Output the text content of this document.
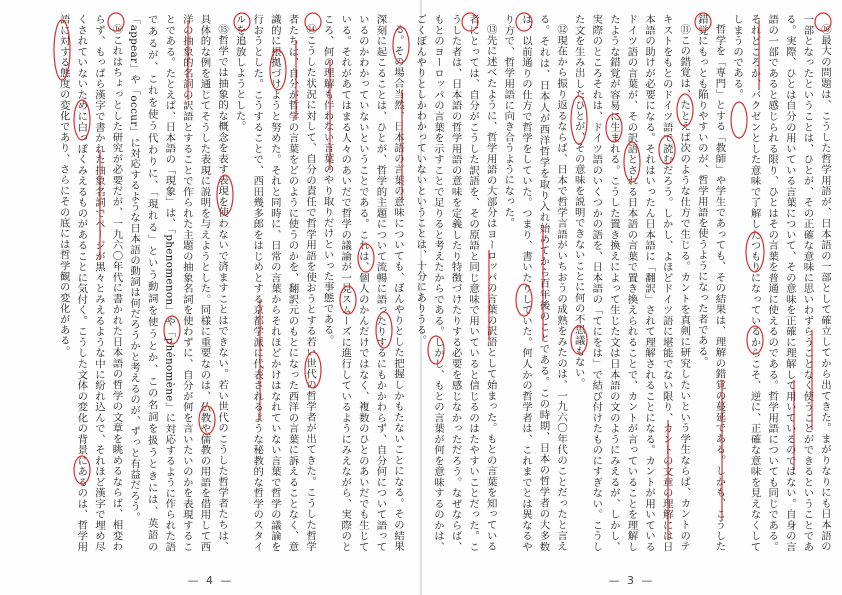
る。その場合当然、日本語の言葉の意味についても、ぼんやりとした把握しかもたないことになる。その結果深刻に起こることは、ひとが、哲学的主題について流暢に語ったりするにもかかわらず、自分何について語っているのかわかっていないということである。これは、個人のかんだけではなく、複数のひとのあいだでも生じている。それがあてはまる人々のあいだで哲学の議論が一見スムーズに進行しているようにみえながら、実際のところ、何の理解も伴わない言葉のやり取りだけといった事態である。

⑭こうした状況に対して、自分の責任で哲学用語を使おうとする若い世代の哲学者が出てきた。こうした哲学者たちは、自分が哲学の言葉をどのように使うのかを、翻訳元のもとになった西洋の言葉に訴えることなく、意識的に根拠づけようと努めた。それと同時に、日常の言葉からそれほどかけはなれていない言葉で哲学の議論を行おうとした。こうすることで、西田幾多郎をはじめとする京都学派に代表されるような秘教的な哲学のスタイルを追放しようとした。

⑮哲学では抽象的な概念を表す表現を使わないで済ますことはできない。若い世代のこうした哲学者たちは、具体的な例を通じてそうした表現に説明を与えようとした。同様に重要なのは、仏教や儒教の用語を借用して西洋の抽象的名詞の訳語とすることで作られた主題の抽象名詞を使わずに、自分が何を言いたいのかを表現することである。たとえば、日本語の「現象」は、「phenomenon」や「phénomène」に対応するように作られた語であるが、これを使う代わりに、「現れる」という動詞を使うとか、この名詞を扱うときには、英語の「appear」や「occur」に対応するような日本語の動詞は何だろうかと考えるのが、ずっと有益だろう。

⑯これはちょっとした研究が必要だが、一九六〇年代に書かれた日本語の哲学の文章を眺めるならば、相変わらず、もっぱら漢字で書かれた抽象名詞でページが黒々とみえるような中に紛れ込んで、それほど漢字で埋め尽くされていないために白っぽくみえるものがあることに気付く。こうした文体の変化の背景にあるのは、哲学用語に対する態度の変化であり、さらにその底には哲学観の変化がある。

— 4 —

⑩最大の問題は、こうした哲学用語が、日本語の一部として確立してから出てきた。まがりなりにも日本語の一部となったということは、ひとが、その正確な意味に思いわずらうことなく使うことができるということである。実際、ひとは自分の用いている言葉について、その意味を正確に理解して用いているのではない。自身の言語の一部であると感じられる限り、ひとはその言葉を普通に使えるのである。哲学用語についても同じである。それどころか、バクゼンとした意味で了解したつもりになっているからこそ、逆に、正確な意味を見えなくしてしまうのである。

哲学を「専門」とする「教師」や学生であっても、その結果は、理解の錯覚の蔓延である。しかも、こうした錯覚にもっとも陥りやすいのが、哲学用語を使うようになった者である。

⑪この錯覚は、たとえば次のような仕方で生じる。カントを真剣に研究したいという学生ならば、カントのテキストをもとのドイツ語で読むだろう。しかし、よほどドイツ語に堪能でない限り、カントの文章の理解には日本語の助けが必要になる。それはいったん日本語に「翻訳」されて理解されることになる。カントが用いているドイツ語の言葉が、その訳語とされる日本語の言葉で置き換えられることで、カントが言っていることを理解したような錯覚が容易に生まれる。こうした置き換えによって生じた文は日本語の文のようにみえるが、しかし、実際のところそれは、ドイツ語のいくつかの語を、日本語の「てにをは」で結び付けたものにすぎない。こうした文を生み出したひとが、その意味を説明できないことに何の不思議もない。

⑫現在から振り返るならば、日本で哲学言語がいちおうの成熟をみたのは、一九六〇年代のことだったと言える。それは、日本人が西洋哲学を取り入れ始めてから百年後のことである。この時期、日本の哲学者の大多数は、以前通りの仕方で哲学をしていた。つまり、書いたりしていた。何人かの哲学者は、これまでとは異なるやり方で、哲学用語に向き合うようになった。

⑬先に述べたように、哲学用語の大部分はヨーロッパの言葉の訳語として始まった。もとの言葉を知っている者にとっては、自分がこうした訳語を、その原語と同じ意味で用いていると信じるのはたやすいことだった。こうした者は、日本語の哲学用語の意味を定義したり特徴づけたりする必要を感じなかっただろう。なぜならば、もとのヨーロッパの言葉を示すことで足りると考えたからである。しかし、もとの言葉が何を意味するのかは、ごくぼんやりとしかわかっていないということは、十分にありうる。

— 3 —
